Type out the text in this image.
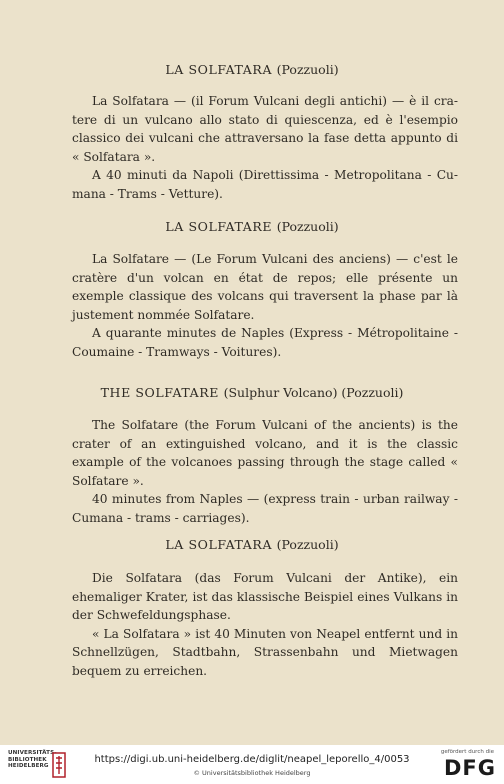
LA SOLFATARA (Pozzuoli)

La Solfatara — (il Forum Vulcani degli antichi) — è il cratere di un vulcano allo stato di quiescenza, ed è l'esempio classico dei vulcani che attraversano la fase detta appunto di « Solfatara ».

A 40 minuti da Napoli (Direttissima - Metropolitana - Cumana - Trams - Vetture).

LA SOLFATARE (Pozzuoli)

La Solfatare — (Le Forum Vulcani des anciens) — c'est le cratère d'un volcan en état de repos; elle présente un exemple classique des volcans qui traversent la phase par là justement nommée Solfatare.

A quarante minutes de Naples (Express - Métropolitaine - Coumaine - Tramways - Voitures).

THE SOLFATARE (Sulphur Volcano) (Pozzuoli)

The Solfatare (the Forum Vulcani of the ancients) is the crater of an extinguished volcano, and it is the classic example of the volcanoes passing through the stage called « Solfatare ».

40 minutes from Naples — (express train - urban railway - Cumana - trams - carriages).

LA SOLFATARA (Pozzuoli)

Die Solfatara (das Forum Vulcani der Antike), ein ehemaliger Krater, ist das klassische Beispiel eines Vulkans in der Schwefeldungsphase.

« La Solfatara » ist 40 Minuten von Neapel entfernt und in Schnellzügen, Stadtbahn, Strassenbahn und Mietwagen bequem zu erreichen.

UNIVERSITÄTS-
BIBLIOTHEK
HEIDELBERG
https://digi.ub.uni-heidelberg.de/diglit/neapel_leporello_4/0053
© Universitätsbibliothek Heidelberg
gefördert durch die
DFG
